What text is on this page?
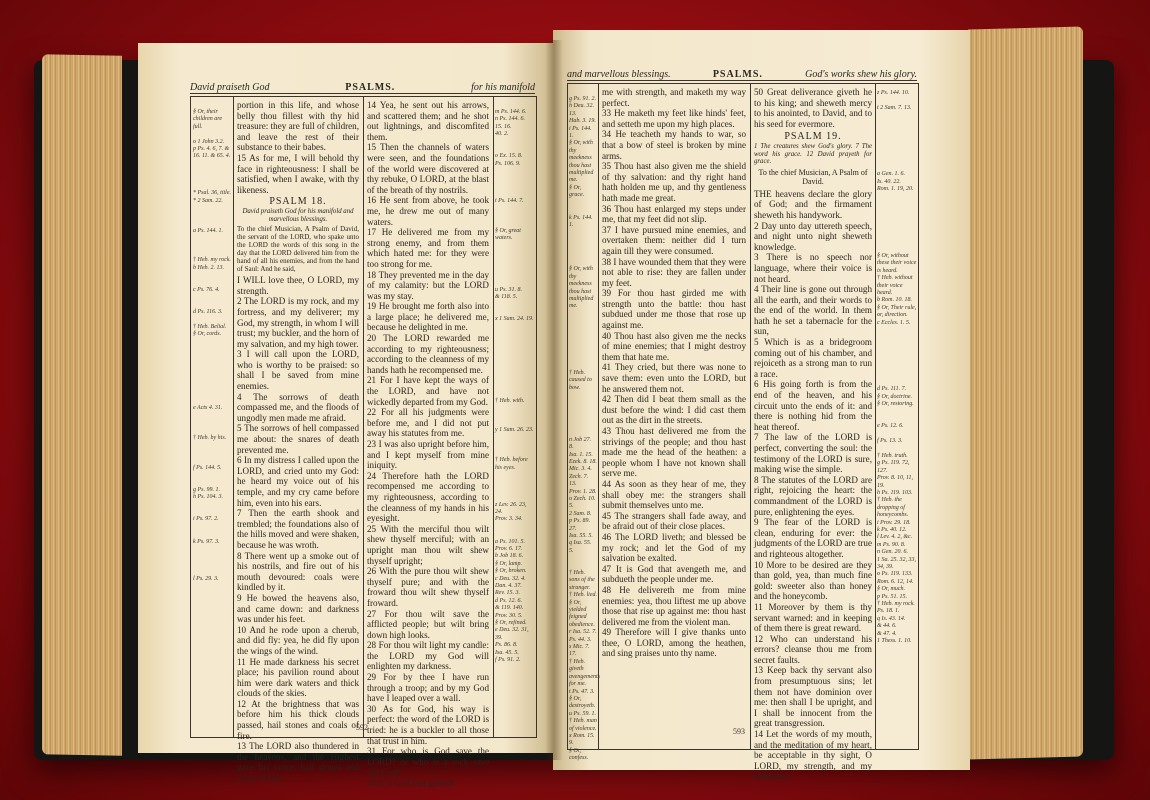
David praiseth God	PSALMS.	for his manifold
§ Or, their children are full.

o 1 John 3.2.
p Ps. 4. 6, 7. & 16. 11. & 65. 4.

* Psal. 36, title.
* 2 Sam. 22.

a Ps. 144. 1.

† Heb. my rock.
b Heb. 2. 13.

c Ps. 76. 4.

d Ps. 116. 3.

† Heb. Belial.
§ Or, cords.

e Acts 4. 31.

† Heb. by his.

f Ps. 144. 5.

g Ps. 99. 1.
h Ps. 104. 3.

i Ps. 97. 2.

k Ps. 97. 3.

l Ps. 29. 3.
portion in this life, and whose belly thou fillest with thy hid treasure: they are full of children, and leave the rest of their substance to their babes.
15 As for me, I will behold thy face in righteousness: I shall be satisfied, when I awake, with thy likeness.
PSALM 18.
David praiseth God for his manifold and marvellous blessings.
To the chief Musician, A Psalm of David, the servant of the LORD, who spake unto the LORD the words of this song in the day that the LORD delivered him from the hand of all his enemies, and from the hand of Saul: And he said,
I WILL love thee, O LORD, my strength.
2 The LORD is my rock, and my fortress, and my deliverer; my God, my strength, in whom I will trust; my buckler, and the horn of my salvation, and my high tower.
3 I will call upon the LORD, who is worthy to be praised: so shall I be saved from mine enemies.
4 The sorrows of death compassed me, and the floods of ungodly men made me afraid.
5 The sorrows of hell compassed me about: the snares of death prevented me.
6 In my distress I called upon the LORD, and cried unto my God: he heard my voice out of his temple, and my cry came before him, even into his ears.
7 Then the earth shook and trembled; the foundations also of the hills moved and were shaken, because he was wroth.
8 There went up a smoke out of his nostrils, and fire out of his mouth devoured: coals were kindled by it.
9 He bowed the heavens also, and came down: and darkness was under his feet.
10 And he rode upon a cherub, and did fly: yea, he did fly upon the wings of the wind.
11 He made darkness his secret place; his pavilion round about him were dark waters and thick clouds of the skies.
12 At the brightness that was before him his thick clouds passed, hail stones and coals of fire.
13 The LORD also thundered in the heavens, and the Highest gave his voice; hail stones and coals of fire.
14 Yea, he sent out his arrows, and scattered them; and he shot out lightnings, and discomfited them.
15 Then the channels of waters were seen, and the foundations of the world were discovered at thy rebuke, O LORD, at the blast of the breath of thy nostrils.
16 He sent from above, he took me, he drew me out of many waters.
17 He delivered me from my strong enemy, and from them which hated me: for they were too strong for me.
18 They prevented me in the day of my calamity: but the LORD was my stay.
19 He brought me forth also into a large place; he delivered me, because he delighted in me.
20 The LORD rewarded me according to my righteousness; according to the cleanness of my hands hath he recompensed me.
21 For I have kept the ways of the LORD, and have not wickedly departed from my God.
22 For all his judgments were before me, and I did not put away his statutes from me.
23 I was also upright before him, and I kept myself from mine iniquity.
24 Therefore hath the LORD recompensed me according to my righteousness, according to the cleanness of my hands in his eyesight.
25 With the merciful thou wilt shew thyself merciful; with an upright man thou wilt shew thyself upright;
26 With the pure thou wilt shew thyself pure; and with the froward thou wilt shew thyself froward.
27 For thou wilt save the afflicted people; but wilt bring down high looks.
28 For thou wilt light my candle: the LORD my God will enlighten my darkness.
29 For by thee I have run through a troop; and by my God have I leaped over a wall.
30 As for God, his way is perfect: the word of the LORD is tried: he is a buckler to all those that trust in him.
31 For who is God save the LORD? or who is a rock save our God?
32 It is God that girdeth
m Ps. 144. 6.
n Ps. 144. 6.
15. 16.
40. 2.

o Ex. 15. 8.
Ps. 106. 9.

t Ps. 144. 7.

§ Or, great waters.

u Ps. 31. 8.
& 118. 5.

x 1 Sam. 24. 19.

† Heb. with.

y 1 Sam. 26. 23.

† Heb. before his eyes.

z Lev. 26. 23, 24.
Prov. 3. 34.

a Ps. 101. 5.
Prov. 6. 17.
b Job 18. 6.
§ Or, lamp.
§ Or, broken.
c Deu. 32. 4.
Dan. 4. 37.
Rev. 15. 3.
d Ps. 12. 6.
& 119. 140.
Prov. 30. 5.
§ Or, refined.
e Deu. 32. 31, 39.
Ps. 86. 8.
Isa. 45. 5.
f Ps. 91. 2.
592
and marvellous blessings.	PSALMS.	God's works shew his glory.
g Ps. 91. 2.
h Deu. 32. 13.
Hab. 3. 19.
i Ps. 144. 1.
§ Or, with thy meekness thou hast multiplied me.
§ Or, grace.

k Ps. 144. 1.

§ Or, with thy meekness thou hast multiplied me.

† Heb. caused to bow.

n Job 27. 8.
Isa. 1. 15.
Ezek. 8. 18.
Mic. 3. 4.
Zech. 7. 13.
Prov. 1. 28.
o Zech. 10. 5.
2 Sam. 8.
p Ps. 89. 27.
Isa. 55. 5.
q Isa. 55. 5.

† Heb. sons of the stranger.
† Heb. lied.
§ Or, yielded feigned obedience.
r Isa. 52. 7.
Ps. 44. 3.
s Mic. 7. 17.
† Heb. giveth avengements for me.
t Ps. 47. 3.
§ Or, destroyeth.
u Ps. 59. 1.
† Heb. man of violence.
x Rom. 15. 9.
§ Or, confess.
me with strength, and maketh my way perfect.
33 He maketh my feet like hinds' feet, and setteth me upon my high places.
34 He teacheth my hands to war, so that a bow of steel is broken by mine arms.
35 Thou hast also given me the shield of thy salvation: and thy right hand hath holden me up, and thy gentleness hath made me great.
36 Thou hast enlarged my steps under me, that my feet did not slip.
37 I have pursued mine enemies, and overtaken them: neither did I turn again till they were consumed.
38 I have wounded them that they were not able to rise: they are fallen under my feet.
39 For thou hast girded me with strength unto the battle: thou hast subdued under me those that rose up against me.
40 Thou hast also given me the necks of mine enemies; that I might destroy them that hate me.
41 They cried, but there was none to save them: even unto the LORD, but he answered them not.
42 Then did I beat them small as the dust before the wind: I did cast them out as the dirt in the streets.
43 Thou hast delivered me from the strivings of the people; and thou hast made me the head of the heathen: a people whom I have not known shall serve me.
44 As soon as they hear of me, they shall obey me: the strangers shall submit themselves unto me.
45 The strangers shall fade away, and be afraid out of their close places.
46 The LORD liveth; and blessed be my rock; and let the God of my salvation be exalted.
47 It is God that avengeth me, and subdueth the people under me.
48 He delivereth me from mine enemies: yea, thou liftest me up above those that rise up against me: thou hast delivered me from the violent man.
49 Therefore will I give thanks unto thee, O LORD, among the heathen, and sing praises unto thy name.
50 Great deliverance giveth he to his king; and sheweth mercy to his anointed, to David, and to his seed for evermore.
PSALM 19.
1 The creatures shew God's glory. 7 The word his grace. 12 David prayeth for grace.
To the chief Musician, A Psalm of David.
THE heavens declare the glory of God; and the firmament sheweth his handywork.
2 Day unto day uttereth speech, and night unto night sheweth knowledge.
3 There is no speech nor language, where their voice is not heard.
4 Their line is gone out through all the earth, and their words to the end of the world. In them hath he set a tabernacle for the sun,
5 Which is as a bridegroom coming out of his chamber, and rejoiceth as a strong man to run a race.
6 His going forth is from the end of the heaven, and his circuit unto the ends of it: and there is nothing hid from the heat thereof.
7 The law of the LORD is perfect, converting the soul: the testimony of the LORD is sure, making wise the simple.
8 The statutes of the LORD are right, rejoicing the heart: the commandment of the LORD is pure, enlightening the eyes.
9 The fear of the LORD is clean, enduring for ever: the judgments of the LORD are true and righteous altogether.
10 More to be desired are they than gold, yea, than much fine gold: sweeter also than honey and the honeycomb.
11 Moreover by them is thy servant warned: and in keeping of them there is great reward.
12 Who can understand his errors? cleanse thou me from secret faults.
13 Keep back thy servant also from presumptuous sins; let them not have dominion over me: then shall I be upright, and I shall be innocent from the great transgression.
14 Let the words of my mouth, and the meditation of my heart, be acceptable in thy sight, O LORD, my strength, and my redeemer.
z Ps. 144. 10.

t 2 Sam. 7. 13.

a Gen. 1. 6.
Is. 40. 22.
Rom. 1. 19, 20.

§ Or, without these their voice is heard.
† Heb. without their voice heard.
b Rom. 10. 18.
§ Or, Their rule, or, direction.
c Eccles. 1. 5.

d Ps. 111. 7.
§ Or, doctrine.
§ Or, restoring.

e Ps. 12. 6.

f Ps. 13. 3.

† Heb. truth.
g Ps. 119. 72, 127.
Prov. 8. 10, 11, 19.
h Ps. 119. 103.
† Heb. the dropping of honeycombs.
i Prov. 29. 18.
k Ps. 40. 12.
l Lev. 4. 2, &c.
m Ps. 90. 8.
n Gen. 20. 6.
1 Sa. 25. 32, 33, 34, 39.
o Ps. 119. 133. Rom. 6. 12, 14.
§ Or, much.
p Ps. 51. 15.
† Heb. my rock.
Ps. 18. 1.
q Is. 43. 14.
& 44. 6.
& 47. 4.
1 Thess. 1. 10.
593
